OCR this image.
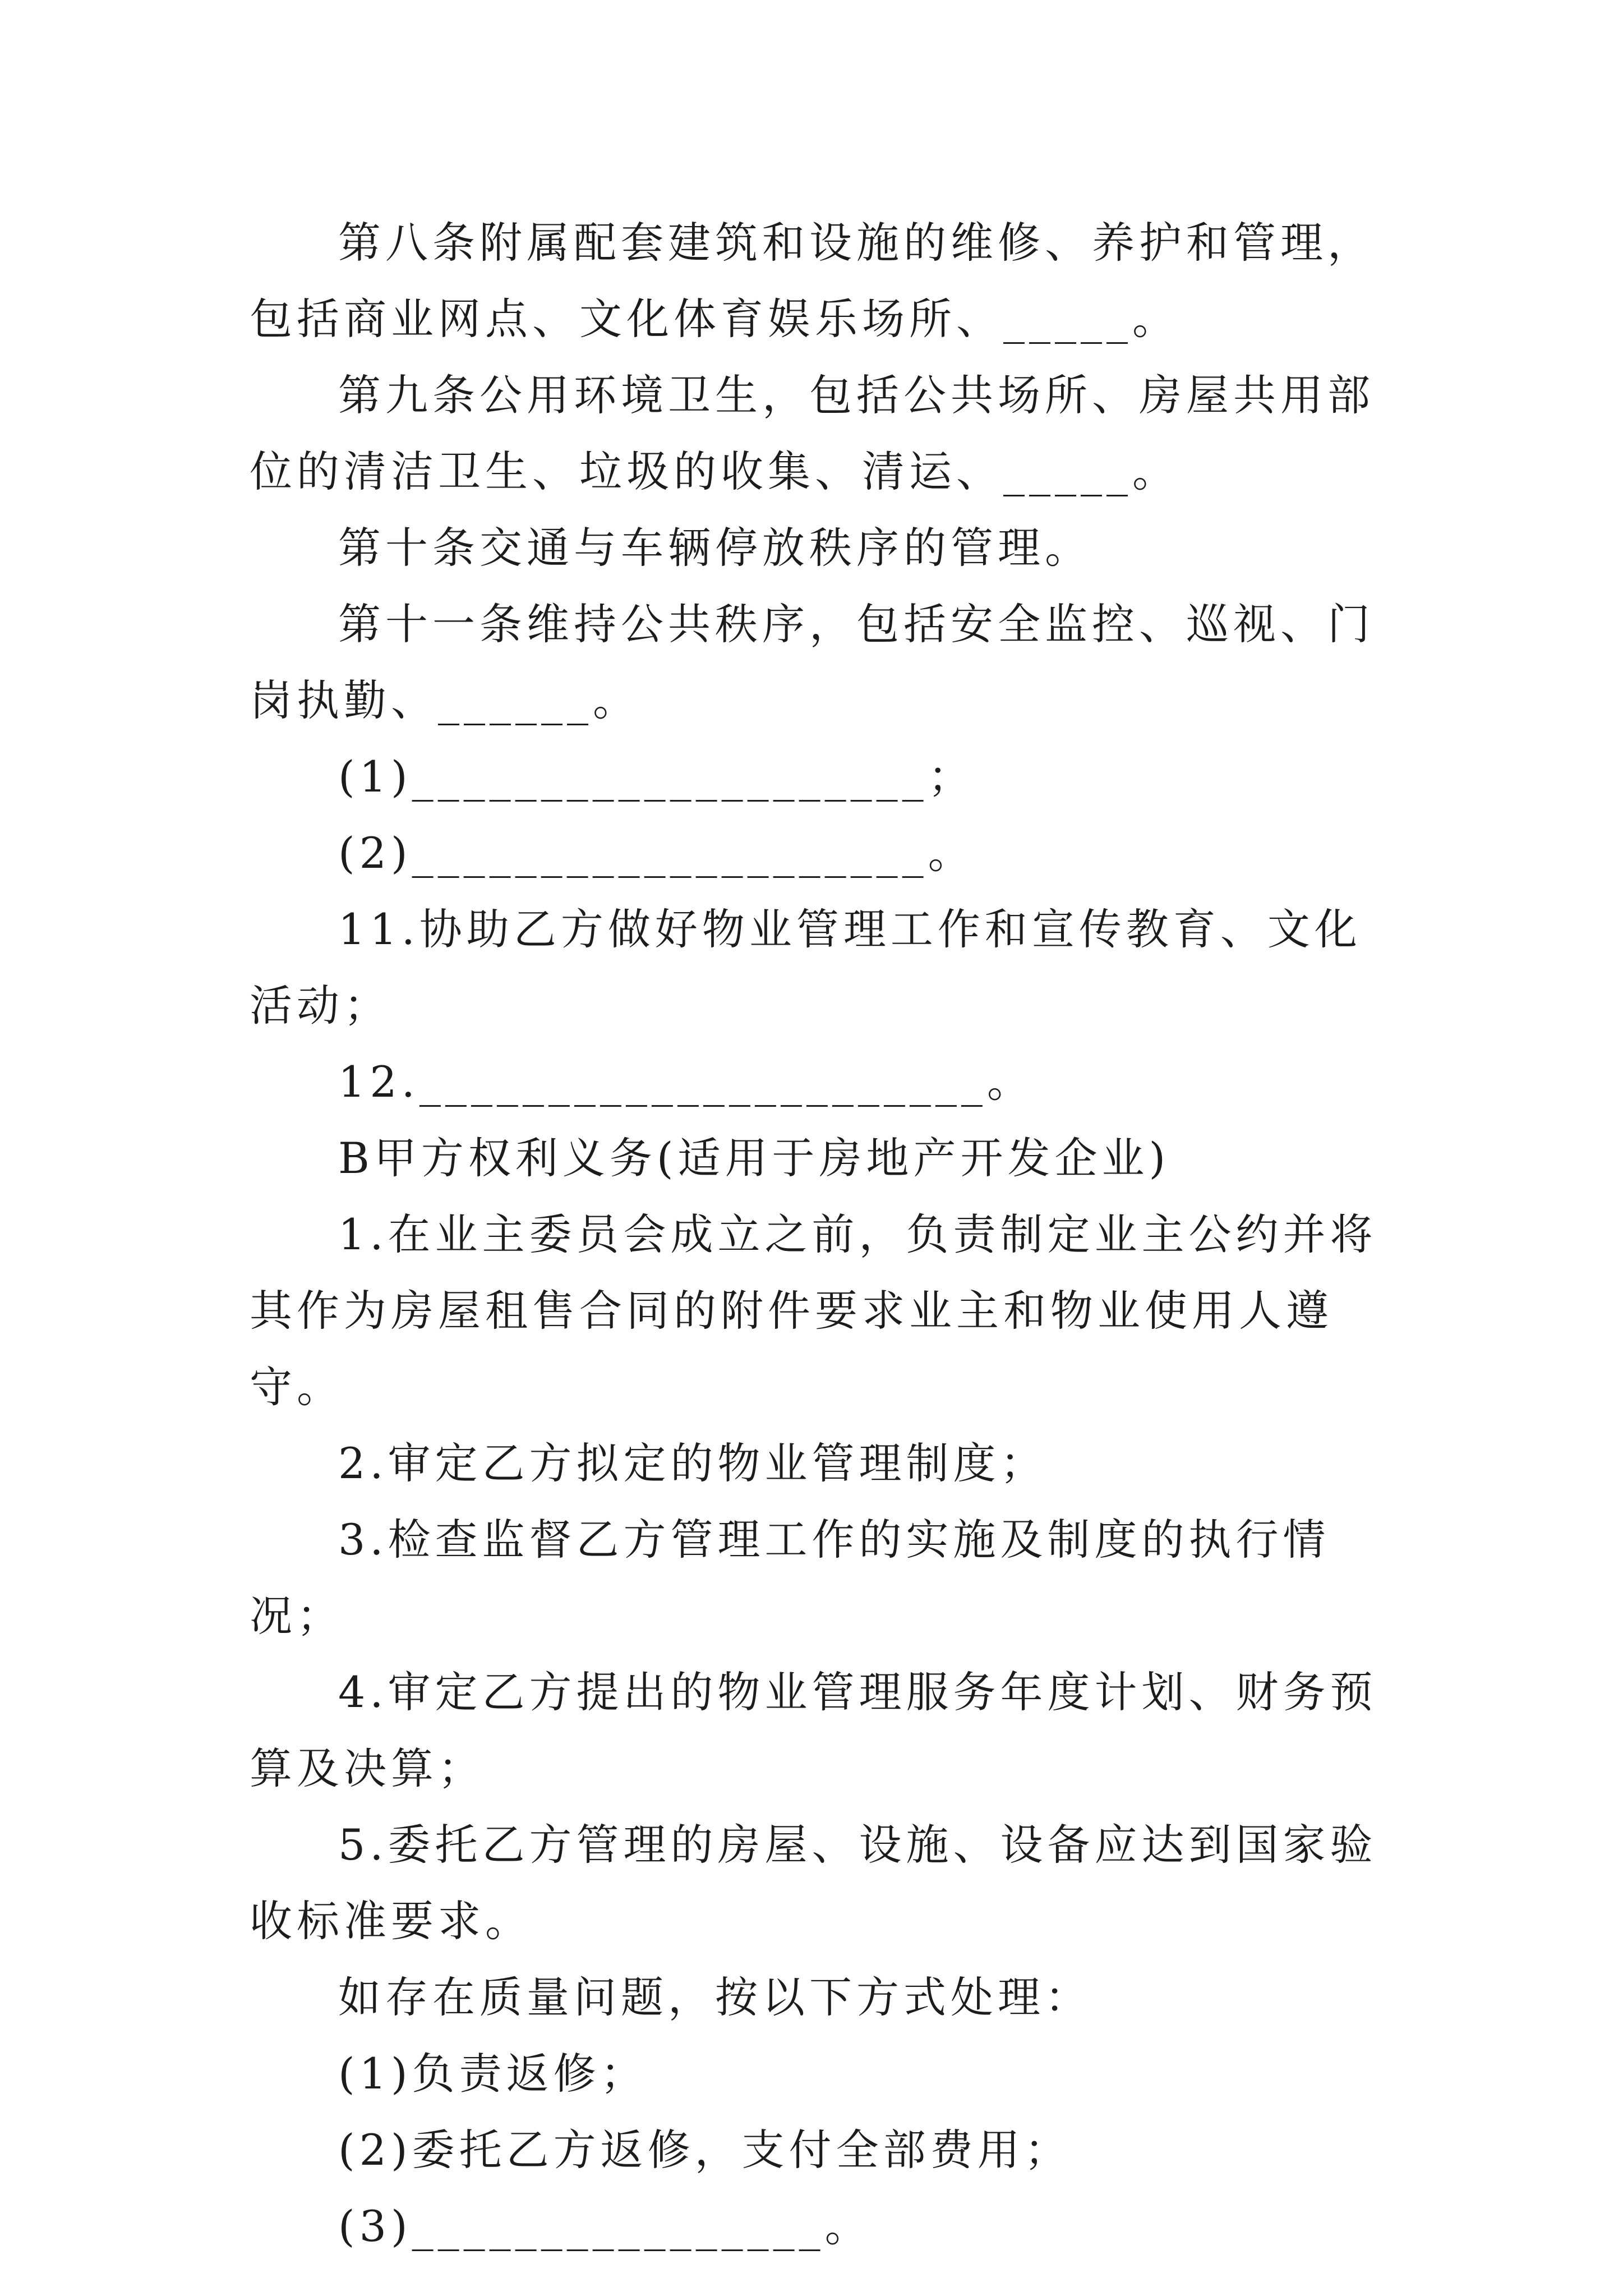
第八条附属配套建筑和设施的维修、养护和管理，包括商业网点、文化体育娱乐场所、_____。

第九条公用环境卫生，包括公共场所、房屋共用部位的清洁卫生、垃圾的收集、清运、_____。

第十条交通与车辆停放秩序的管理。

第十一条维持公共秩序，包括安全监控、巡视、门岗执勤、______。

(1)____________________；

(2)____________________。

11.协助乙方做好物业管理工作和宣传教育、文化活动；

12.______________________。

B甲方权利义务(适用于房地产开发企业)

1.在业主委员会成立之前，负责制定业主公约并将其作为房屋租售合同的附件要求业主和物业使用人遵守。

2.审定乙方拟定的物业管理制度；

3.检查监督乙方管理工作的实施及制度的执行情况；

4.审定乙方提出的物业管理服务年度计划、财务预算及决算；

5.委托乙方管理的房屋、设施、设备应达到国家验收标准要求。

如存在质量问题，按以下方式处理：

(1)负责返修；

(2)委托乙方返修，支付全部费用；

(3)________________。
